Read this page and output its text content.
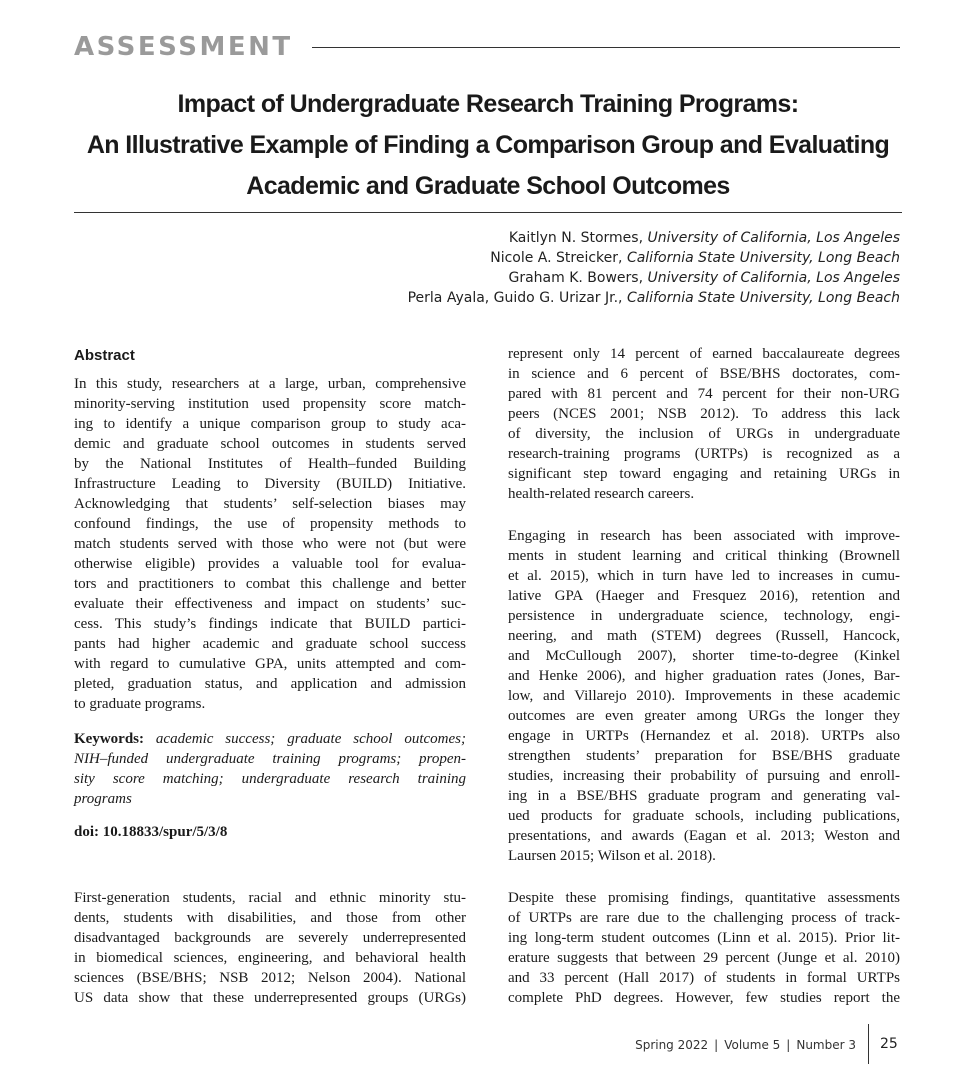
ASSESSMENT
Impact of Undergraduate Research Training Programs:
An Illustrative Example of Finding a Comparison Group and Evaluating
Academic and Graduate School Outcomes
Kaitlyn N. Stormes, University of California, Los Angeles
Nicole A. Streicker, California State University, Long Beach
Graham K. Bowers, University of California, Los Angeles
Perla Ayala, Guido G. Urizar Jr., California State University, Long Beach
Abstract
In this study, researchers at a large, urban, comprehensive
minority-serving institution used propensity score match-
ing to identify a unique comparison group to study aca-
demic and graduate school outcomes in students served
by the National Institutes of Health–funded Building
Infrastructure Leading to Diversity (BUILD) Initiative.
Acknowledging that students’ self-selection biases may
confound findings, the use of propensity methods to
match students served with those who were not (but were
otherwise eligible) provides a valuable tool for evalua-
tors and practitioners to combat this challenge and better
evaluate their effectiveness and impact on students’ suc-
cess. This study’s findings indicate that BUILD partici-
pants had higher academic and graduate school success
with regard to cumulative GPA, units attempted and com-
pleted, graduation status, and application and admission
to graduate programs.
Keywords: academic success; graduate school outcomes;
NIH–funded undergraduate training programs; propen-
sity score matching; undergraduate research training
programs
doi: 10.18833/spur/5/3/8
First-generation students, racial and ethnic minority stu-
dents, students with disabilities, and those from other
disadvantaged backgrounds are severely underrepresented
in biomedical sciences, engineering, and behavioral health
sciences (BSE/BHS; NSB 2012; Nelson 2004). National
US data show that these underrepresented groups (URGs)
represent only 14 percent of earned baccalaureate degrees
in science and 6 percent of BSE/BHS doctorates, com-
pared with 81 percent and 74 percent for their non-URG
peers (NCES 2001; NSB 2012). To address this lack
of diversity, the inclusion of URGs in undergraduate
research-training programs (URTPs) is recognized as a
significant step toward engaging and retaining URGs in
health-related research careers.
Engaging in research has been associated with improve-
ments in student learning and critical thinking (Brownell
et al. 2015), which in turn have led to increases in cumu-
lative GPA (Haeger and Fresquez 2016), retention and
persistence in undergraduate science, technology, engi-
neering, and math (STEM) degrees (Russell, Hancock,
and McCullough 2007), shorter time-to-degree (Kinkel
and Henke 2006), and higher graduation rates (Jones, Bar-
low, and Villarejo 2010). Improvements in these academic
outcomes are even greater among URGs the longer they
engage in URTPs (Hernandez et al. 2018). URTPs also
strengthen students’ preparation for BSE/BHS graduate
studies, increasing their probability of pursuing and enroll-
ing in a BSE/BHS graduate program and generating val-
ued products for graduate schools, including publications,
presentations, and awards (Eagan et al. 2013; Weston and
Laursen 2015; Wilson et al. 2018).
Despite these promising findings, quantitative assessments
of URTPs are rare due to the challenging process of track-
ing long-term student outcomes (Linn et al. 2015). Prior lit-
erature suggests that between 29 percent (Junge et al. 2010)
and 33 percent (Hall 2017) of students in formal URTPs
complete PhD degrees. However, few studies report the
Spring 2022 | Volume 5 | Number 3 25
